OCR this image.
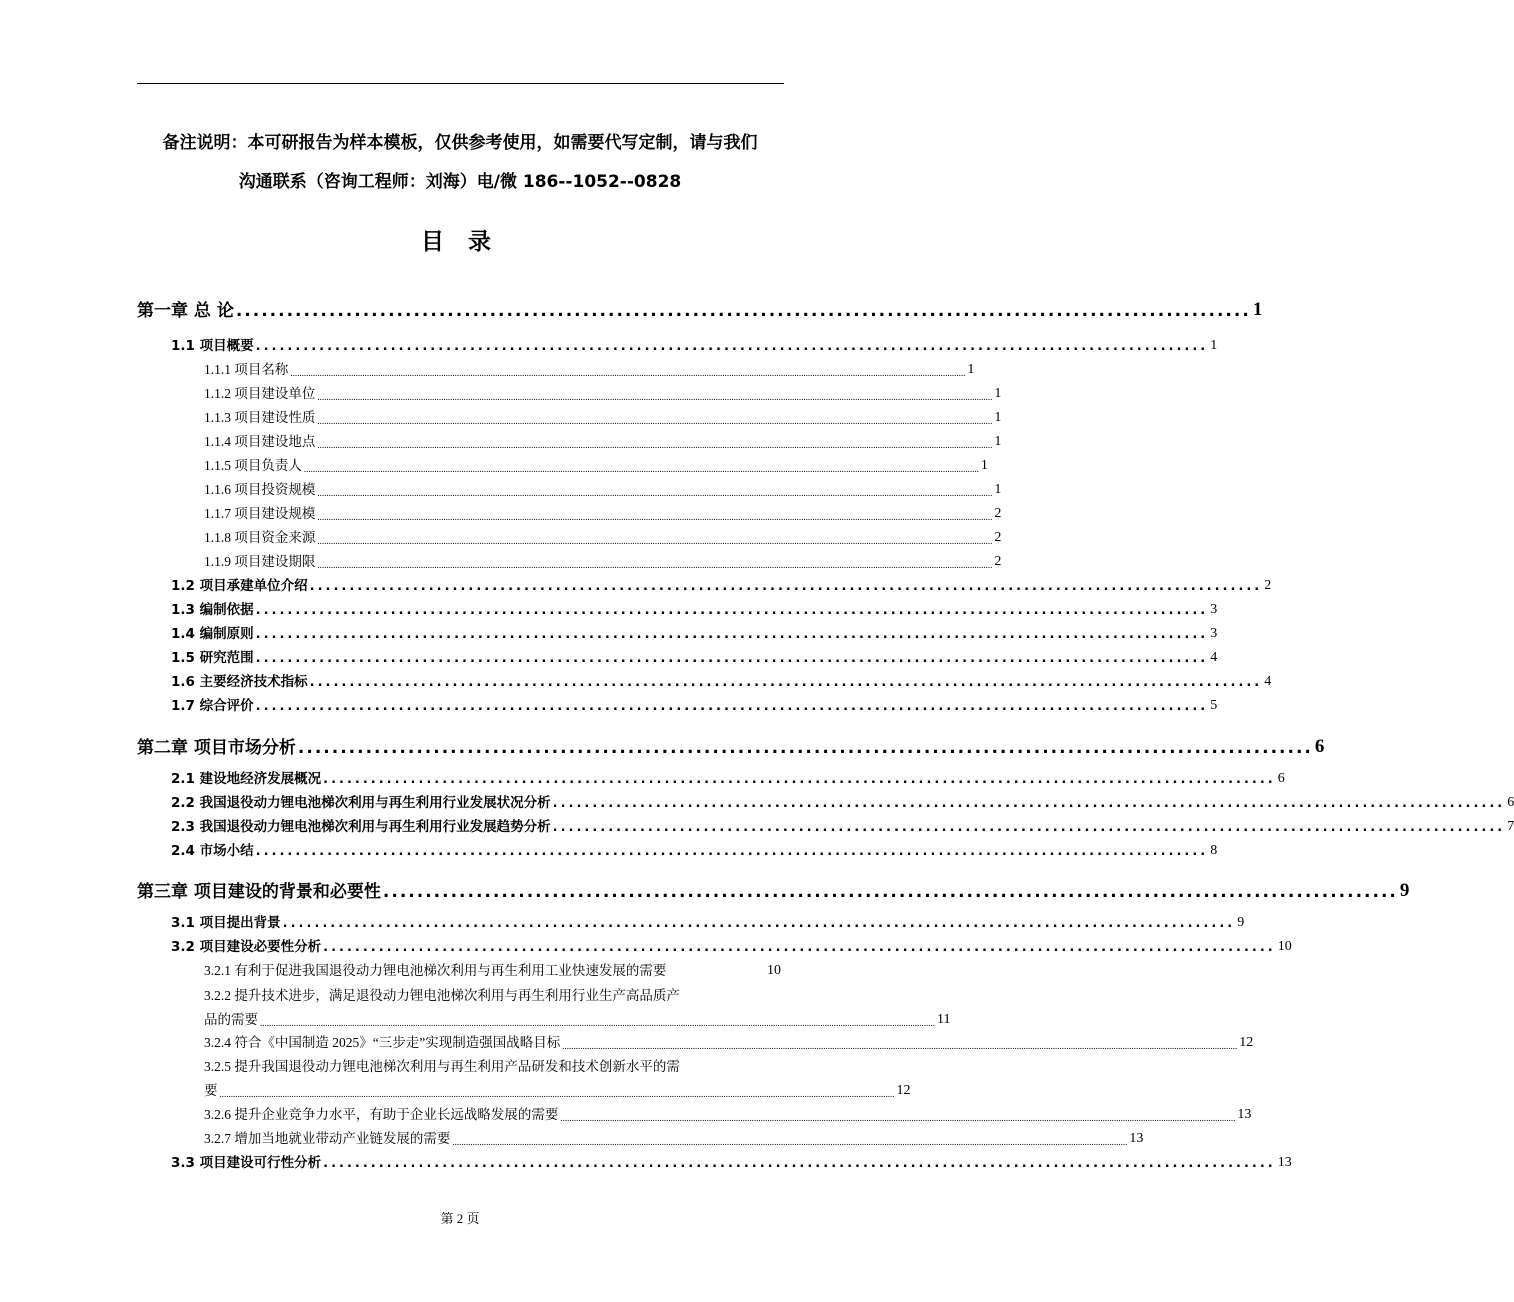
备注说明：本可研报告为样本模板，仅供参考使用，如需要代写定制，请与我们
沟通联系（咨询工程师：刘海）电/微 186--1052--0828
目 录
第一章 总 论 ........................................................................................................................ 1
1.1 项目概要 ........................................................................................................................ 1
1.1.1 项目名称 ............................................................................................................................................................................................................................................................................................................ 1
1.1.2 项目建设单位 ............................................................................................................................................................................................................................................................................................................ 1
1.1.3 项目建设性质 ............................................................................................................................................................................................................................................................................................................ 1
1.1.4 项目建设地点 ............................................................................................................................................................................................................................................................................................................ 1
1.1.5 项目负责人 ............................................................................................................................................................................................................................................................................................................ 1
1.1.6 项目投资规模 ............................................................................................................................................................................................................................................................................................................ 1
1.1.7 项目建设规模 ............................................................................................................................................................................................................................................................................................................ 2
1.1.8 项目资金来源 ............................................................................................................................................................................................................................................................................................................ 2
1.1.9 项目建设期限 ............................................................................................................................................................................................................................................................................................................ 2
1.2 项目承建单位介绍 ........................................................................................................................ 2
1.3 编制依据 ........................................................................................................................ 3
1.4 编制原则 ........................................................................................................................ 3
1.5 研究范围 ........................................................................................................................ 4
1.6 主要经济技术指标 ........................................................................................................................ 4
1.7 综合评价 ........................................................................................................................ 5
第二章 项目市场分析 ........................................................................................................................ 6
2.1 建设地经济发展概况 ........................................................................................................................ 6
2.2 我国退役动力锂电池梯次利用与再生利用行业发展状况分析 ........................................................................................................................ 6
2.3 我国退役动力锂电池梯次利用与再生利用行业发展趋势分析 ........................................................................................................................ 7
2.4 市场小结 ........................................................................................................................ 8
第三章 项目建设的背景和必要性 ........................................................................................................................ 9
3.1 项目提出背景 ........................................................................................................................ 9
3.2 项目建设必要性分析 ........................................................................................................................ 10
3.2.1 有利于促进我国退役动力锂电池梯次利用与再生利用工业快速发展的需要	10
3.2.2 提升技术进步，满足退役动力锂电池梯次利用与再生利用行业生产高品质产
品的需要 ............................................................................................................................................................................................................................................................................................................ 11
3.2.4 符合《中国制造 2025》“三步走”实现制造强国战略目标 ............................................................................................................................................................................................................................................................................................................ 12
3.2.5 提升我国退役动力锂电池梯次利用与再生利用产品研发和技术创新水平的需
要 ............................................................................................................................................................................................................................................................................................................ 12
3.2.6 提升企业竞争力水平，有助于企业长远战略发展的需要 ............................................................................................................................................................................................................................................................................................................ 13
3.2.7 增加当地就业带动产业链发展的需要 ............................................................................................................................................................................................................................................................................................................ 13
3.3 项目建设可行性分析 ........................................................................................................................ 13
第 2 页
